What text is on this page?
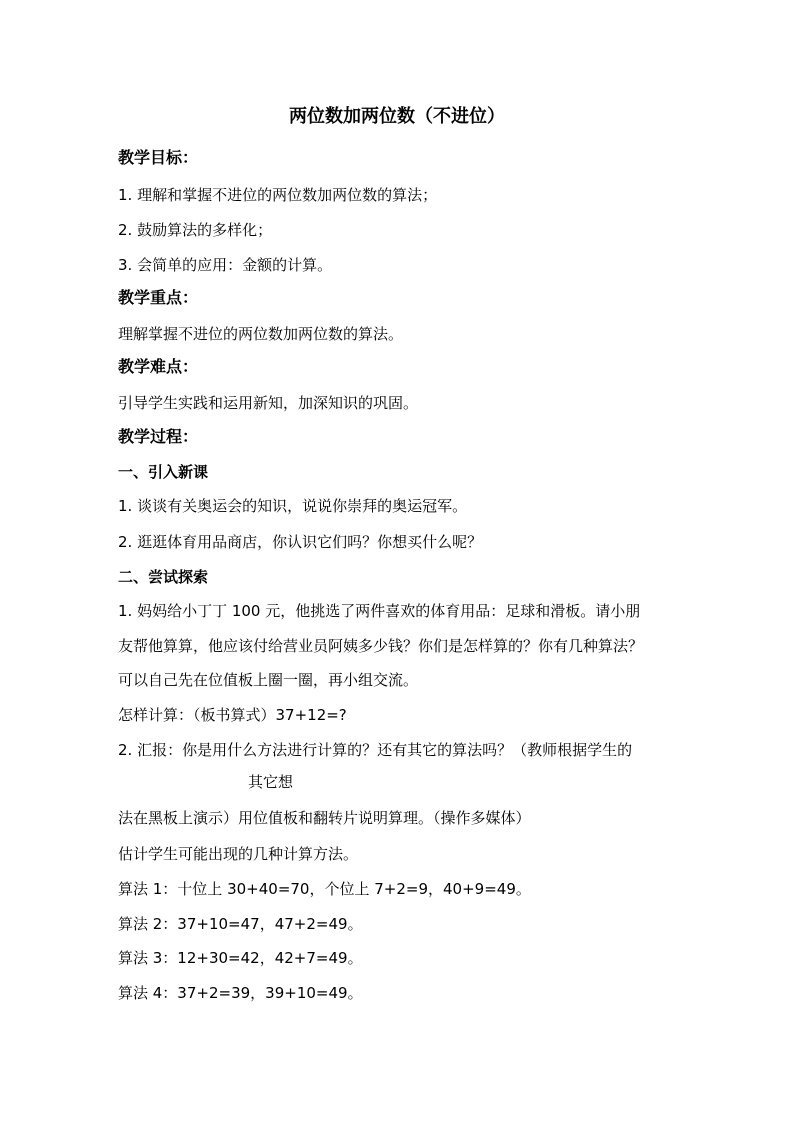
两位数加两位数（不进位）
教学目标：
1. 理解和掌握不进位的两位数加两位数的算法；
2. 鼓励算法的多样化；
3. 会简单的应用：金额的计算。
教学重点：
理解掌握不进位的两位数加两位数的算法。
教学难点：
引导学生实践和运用新知，加深知识的巩固。
教学过程：
一、引入新课
1. 谈谈有关奥运会的知识，说说你崇拜的奥运冠军。
2. 逛逛体育用品商店，你认识它们吗？你想买什么呢？
二、尝试探索
1. 妈妈给小丁丁 100 元，他挑选了两件喜欢的体育用品：足球和滑板。请小朋
友帮他算算，他应该付给营业员阿姨多少钱？你们是怎样算的？你有几种算法？
可以自己先在位值板上圈一圈，再小组交流。
怎样计算：（板书算式）37+12=?
2. 汇报：你是用什么方法进行计算的？还有其它的算法吗？（教师根据学生的
其它想
法在黑板上演示）用位值板和翻转片说明算理。（操作多媒体）
估计学生可能出现的几种计算方法。
算法 1：十位上 30+40=70，个位上 7+2=9，40+9=49。
算法 2：37+10=47，47+2=49。
算法 3：12+30=42，42+7=49。
算法 4：37+2=39，39+10=49。
